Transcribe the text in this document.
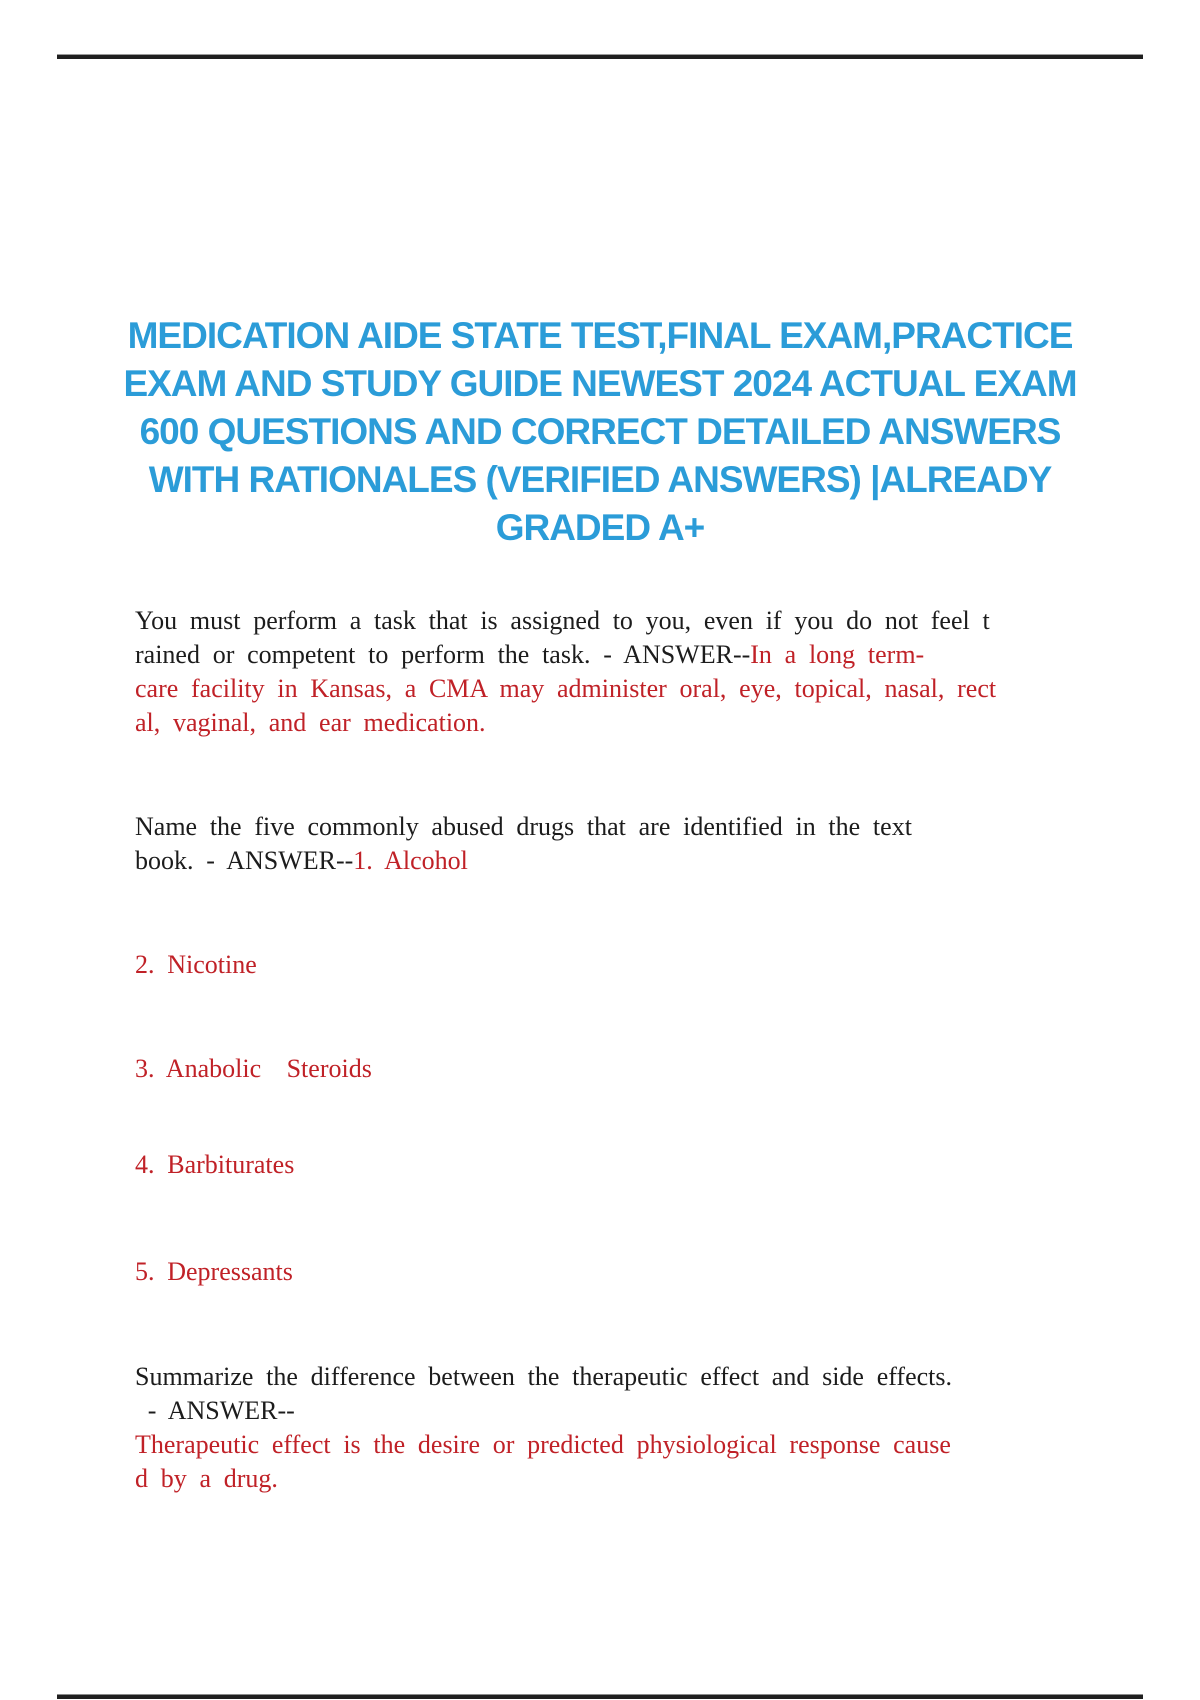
MEDICATION AIDE STATE TEST,FINAL EXAM,PRACTICE
EXAM AND STUDY GUIDE NEWEST 2024 ACTUAL EXAM
600 QUESTIONS AND CORRECT DETAILED ANSWERS
WITH RATIONALES (VERIFIED ANSWERS) |ALREADY
GRADED A+
You must perform a task that is assigned to you, even if you do not feel t
rained or competent to perform the task. - ANSWER--In a long term-
care facility in Kansas, a CMA may administer oral, eye, topical, nasal, rect
al, vaginal, and ear medication.
Name the five commonly abused drugs that are identified in the text
book. - ANSWER--1. Alcohol
2. Nicotine
3. Anabolic  Steroids
4. Barbiturates
5. Depressants
Summarize the difference between the therapeutic effect and side effects.
- ANSWER--
Therapeutic effect is the desire or predicted physiological response cause
d by a drug.
